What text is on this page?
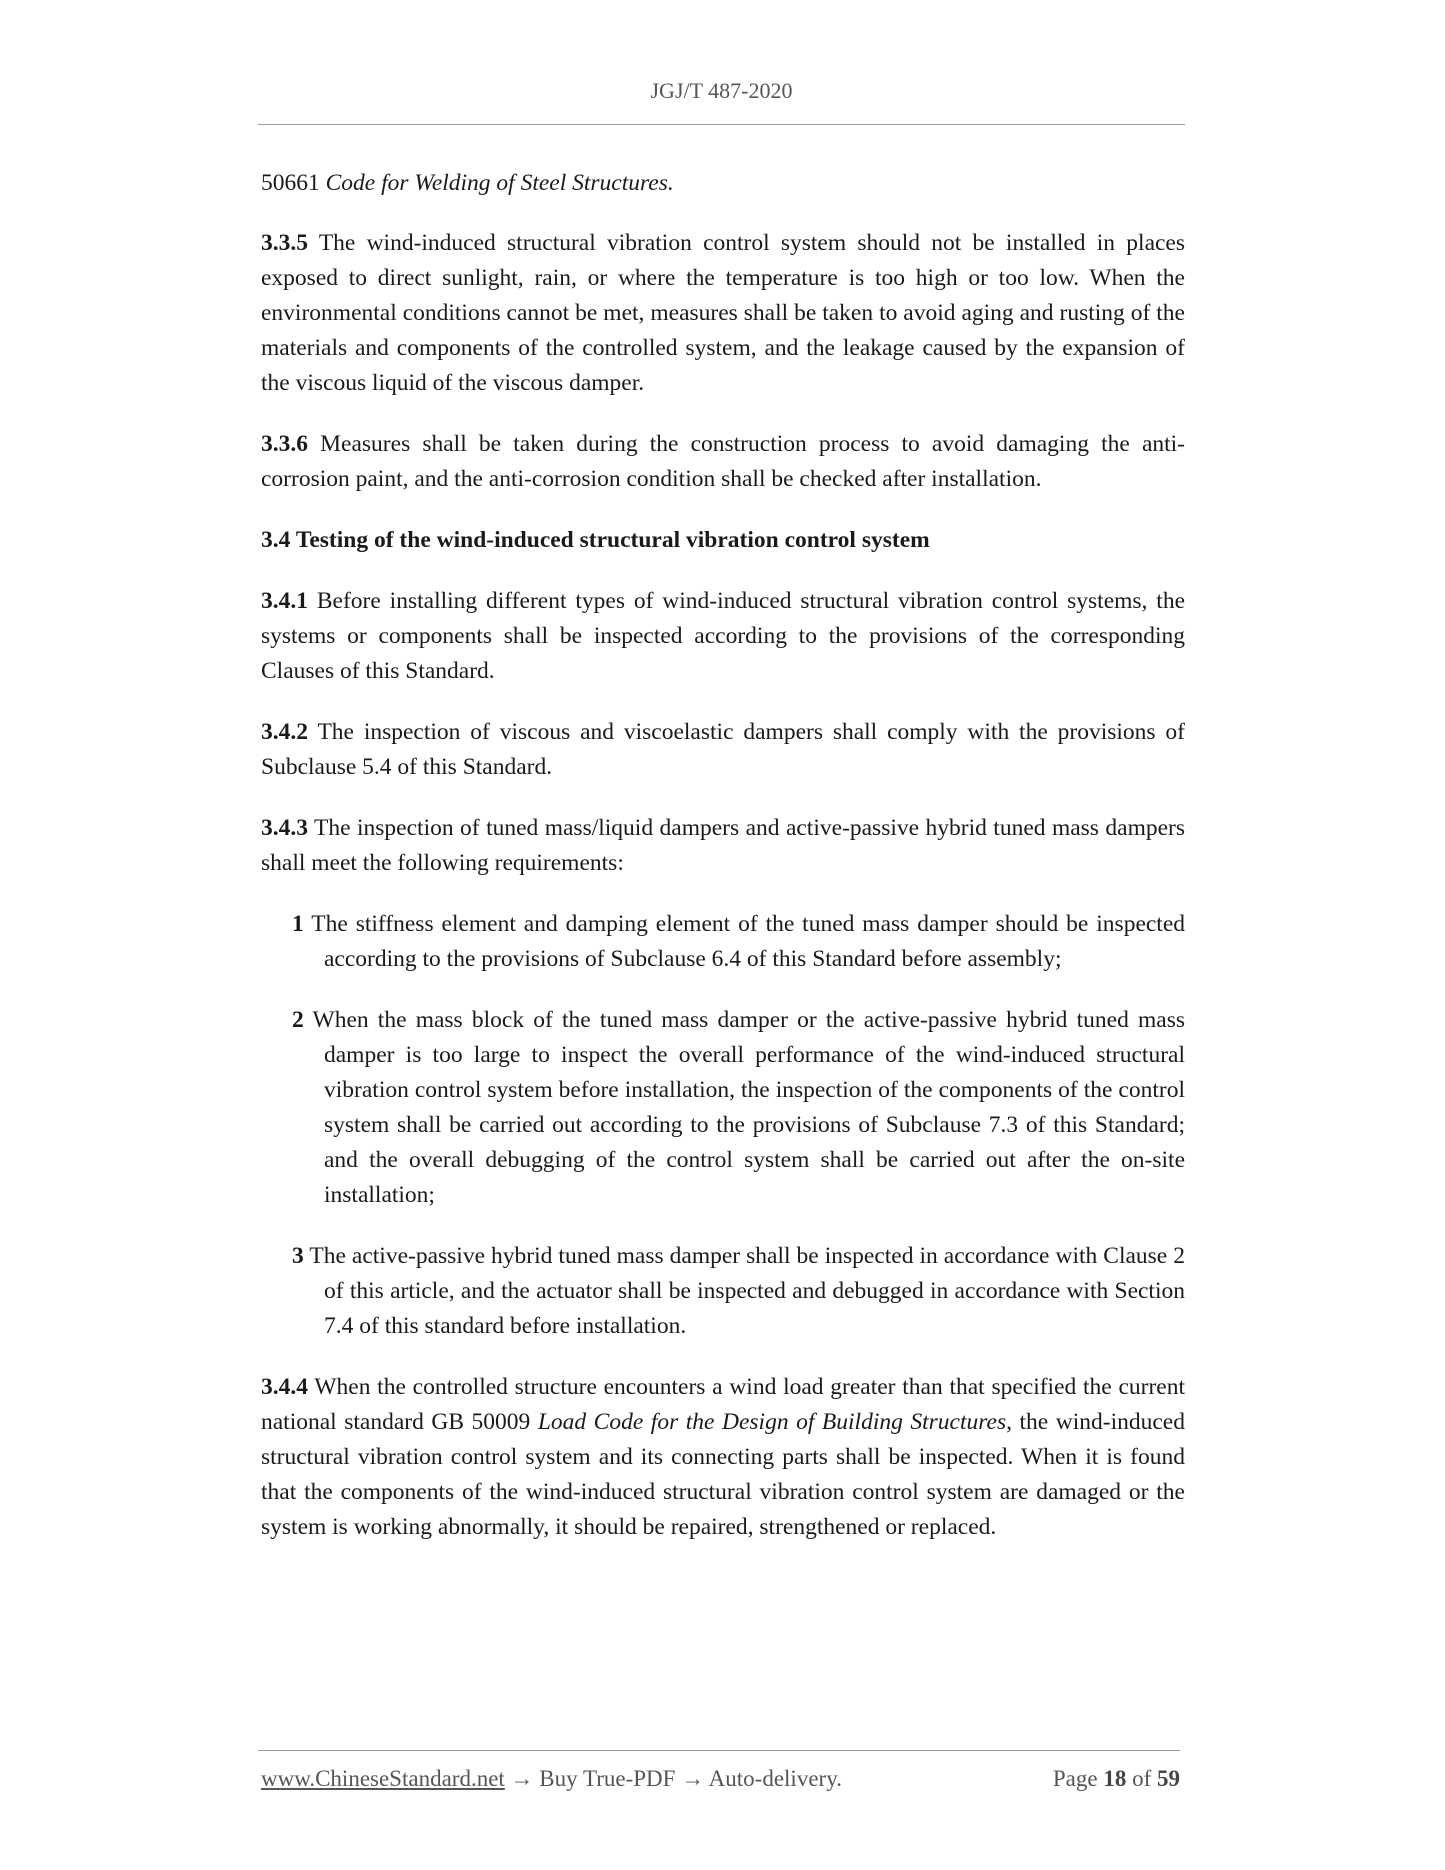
JGJ/T 487-2020

50661 Code for Welding of Steel Structures.

3.3.5 The wind-induced structural vibration control system should not be installed in places exposed to direct sunlight, rain, or where the temperature is too high or too low. When the environmental conditions cannot be met, measures shall be taken to avoid aging and rusting of the materials and components of the controlled system, and the leakage caused by the expansion of the viscous liquid of the viscous damper.

3.3.6 Measures shall be taken during the construction process to avoid damaging the anti-corrosion paint, and the anti-corrosion condition shall be checked after installation.

3.4 Testing of the wind-induced structural vibration control system

3.4.1 Before installing different types of wind-induced structural vibration control systems, the systems or components shall be inspected according to the provisions of the corresponding Clauses of this Standard.

3.4.2 The inspection of viscous and viscoelastic dampers shall comply with the provisions of Subclause 5.4 of this Standard.

3.4.3 The inspection of tuned mass/liquid dampers and active-passive hybrid tuned mass dampers shall meet the following requirements:

1 The stiffness element and damping element of the tuned mass damper should be inspected according to the provisions of Subclause 6.4 of this Standard before assembly;

2 When the mass block of the tuned mass damper or the active-passive hybrid tuned mass damper is too large to inspect the overall performance of the wind-induced structural vibration control system before installation, the inspection of the components of the control system shall be carried out according to the provisions of Subclause 7.3 of this Standard; and the overall debugging of the control system shall be carried out after the on-site installation;

3 The active-passive hybrid tuned mass damper shall be inspected in accordance with Clause 2 of this article, and the actuator shall be inspected and debugged in accordance with Section 7.4 of this standard before installation.

3.4.4 When the controlled structure encounters a wind load greater than that specified the current national standard GB 50009 Load Code for the Design of Building Structures, the wind-induced structural vibration control system and its connecting parts shall be inspected. When it is found that the components of the wind-induced structural vibration control system are damaged or the system is working abnormally, it should be repaired, strengthened or replaced.

www.ChineseStandard.net → Buy True-PDF → Auto-delivery.	Page 18 of 59
